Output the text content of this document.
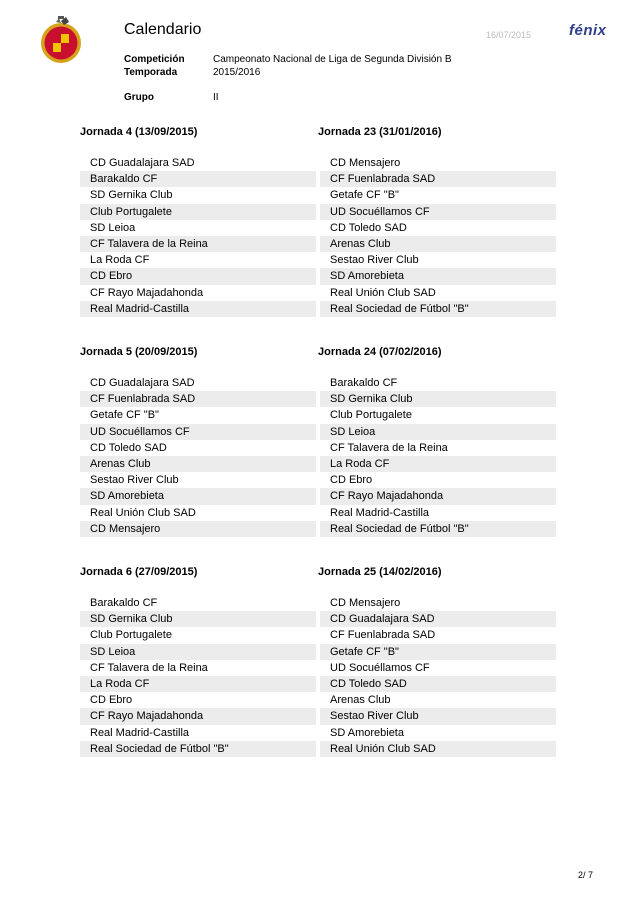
Calendario	16/07/2015	fénix
Competición	Campeonato Nacional de Liga de Segunda División B
Temporada	2015/2016
Grupo	II
Jornada 4 (13/09/2015)
CD Guadalajara SAD
Barakaldo CF
SD Gernika Club
Club Portugalete
SD Leioa
CF Talavera de la Reina
La Roda CF
CD Ebro
CF Rayo Majadahonda
Real Madrid-Castilla
Jornada 23 (31/01/2016)
CD Mensajero
CF Fuenlabrada SAD
Getafe CF "B"
UD Socuéllamos CF
CD Toledo SAD
Arenas Club
Sestao River Club
SD Amorebieta
Real Unión Club SAD
Real Sociedad de Fútbol "B"
Jornada 5 (20/09/2015)
CD Guadalajara SAD
CF Fuenlabrada SAD
Getafe CF "B"
UD Socuéllamos CF
CD Toledo SAD
Arenas Club
Sestao River Club
SD Amorebieta
Real Unión Club SAD
CD Mensajero
Jornada 24 (07/02/2016)
Barakaldo CF
SD Gernika Club
Club Portugalete
SD Leioa
CF Talavera de la Reina
La Roda CF
CD Ebro
CF Rayo Majadahonda
Real Madrid-Castilla
Real Sociedad de Fútbol "B"
Jornada 6 (27/09/2015)
Barakaldo CF
SD Gernika Club
Club Portugalete
SD Leioa
CF Talavera de la Reina
La Roda CF
CD Ebro
CF Rayo Majadahonda
Real Madrid-Castilla
Real Sociedad de Fútbol "B"
Jornada 25 (14/02/2016)
CD Mensajero
CD Guadalajara SAD
CF Fuenlabrada SAD
Getafe CF "B"
UD Socuéllamos CF
CD Toledo SAD
Arenas Club
Sestao River Club
SD Amorebieta
Real Unión Club SAD
2/ 7
